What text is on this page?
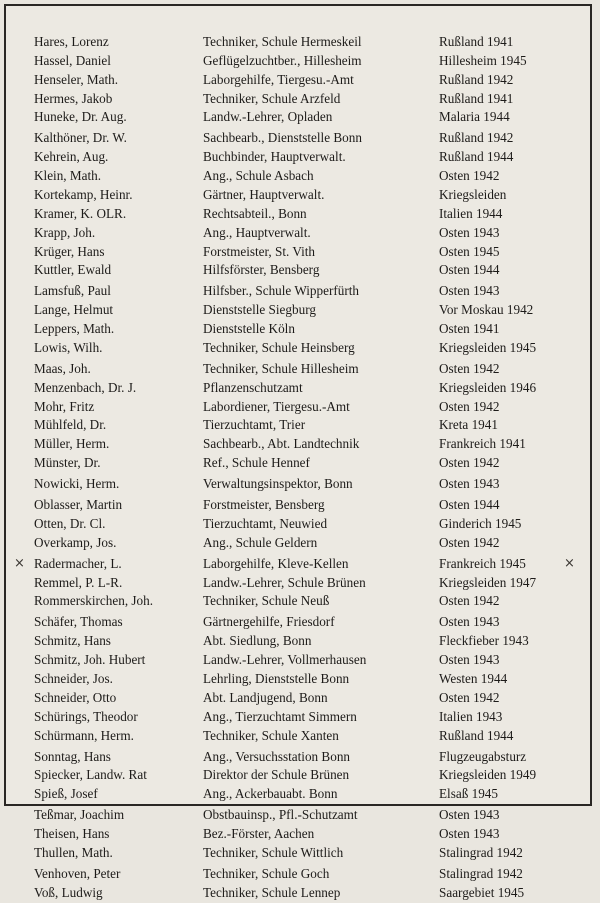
Hares, Lorenz	Techniker, Schule Hermeskeil	Rußland 1941
Hassel, Daniel	Geflügelzuchtber., Hillesheim	Hillesheim 1945
Henseler, Math.	Laborgehilfe, Tiergesu.-Amt	Rußland 1942
Hermes, Jakob	Techniker, Schule Arzfeld	Rußland 1941
Huneke, Dr. Aug.	Landw.-Lehrer, Opladen	Malaria 1944
Kalthöner, Dr. W.	Sachbearb., Dienststelle Bonn	Rußland 1942
Kehrein, Aug.	Buchbinder, Hauptverwalt.	Rußland 1944
Klein, Math.	Ang., Schule Asbach	Osten 1942
Kortekamp, Heinr.	Gärtner, Hauptverwalt.	Kriegsleiden
Kramer, K. OLR.	Rechtsabteil., Bonn	Italien 1944
Krapp, Joh.	Ang., Hauptverwalt.	Osten 1943
Krüger, Hans	Forstmeister, St. Vith	Osten 1945
Kuttler, Ewald	Hilfsförster, Bensberg	Osten 1944
Lamsfuß, Paul	Hilfsber., Schule Wipperfürth	Osten 1943
Lange, Helmut	Dienststelle Siegburg	Vor Moskau 1942
Leppers, Math.	Dienststelle Köln	Osten 1941
Lowis, Wilh.	Techniker, Schule Heinsberg	Kriegsleiden 1945
Maas, Joh.	Techniker, Schule Hillesheim	Osten 1942
Menzenbach, Dr. J.	Pflanzenschutzamt	Kriegsleiden 1946
Mohr, Fritz	Labordiener, Tiergesu.-Amt	Osten 1942
Mühlfeld, Dr.	Tierzuchtamt, Trier	Kreta 1941
Müller, Herm.	Sachbearb., Abt. Landtechnik	Frankreich 1941
Münster, Dr.	Ref., Schule Hennef	Osten 1942
Nowicki, Herm.	Verwaltungsinspektor, Bonn	Osten 1943
Oblasser, Martin	Forstmeister, Bensberg	Osten 1944
Otten, Dr. Cl.	Tierzuchtamt, Neuwied	Ginderich 1945
Overkamp, Jos.	Ang., Schule Geldern	Osten 1942
Radermacher, L.	Laborgehilfe, Kleve-Kellen	Frankreich 1945
×	×
Remmel, P. L-R.	Landw.-Lehrer, Schule Brünen	Kriegsleiden 1947
Rommerskirchen, Joh.	Techniker, Schule Neuß	Osten 1942
Schäfer, Thomas	Gärtnergehilfe, Friesdorf	Osten 1943
Schmitz, Hans	Abt. Siedlung, Bonn	Fleckfieber 1943
Schmitz, Joh. Hubert	Landw.-Lehrer, Vollmerhausen	Osten 1943
Schneider, Jos.	Lehrling, Dienststelle Bonn	Westen 1944
Schneider, Otto	Abt. Landjugend, Bonn	Osten 1942
Schürings, Theodor	Ang., Tierzuchtamt Simmern	Italien 1943
Schürmann, Herm.	Techniker, Schule Xanten	Rußland 1944
Sonntag, Hans	Ang., Versuchsstation Bonn	Flugzeugabsturz
Spiecker, Landw. Rat	Direktor der Schule Brünen	Kriegsleiden 1949
Spieß, Josef	Ang., Ackerbauabt. Bonn	Elsaß 1945
Teßmar, Joachim	Obstbauinsp., Pfl.-Schutzamt	Osten 1943
Theisen, Hans	Bez.-Förster, Aachen	Osten 1943
Thullen, Math.	Techniker, Schule Wittlich	Stalingrad 1942
Venhoven, Peter	Techniker, Schule Goch	Stalingrad 1942
Voß, Ludwig	Techniker, Schule Lennep	Saargebiet 1945
